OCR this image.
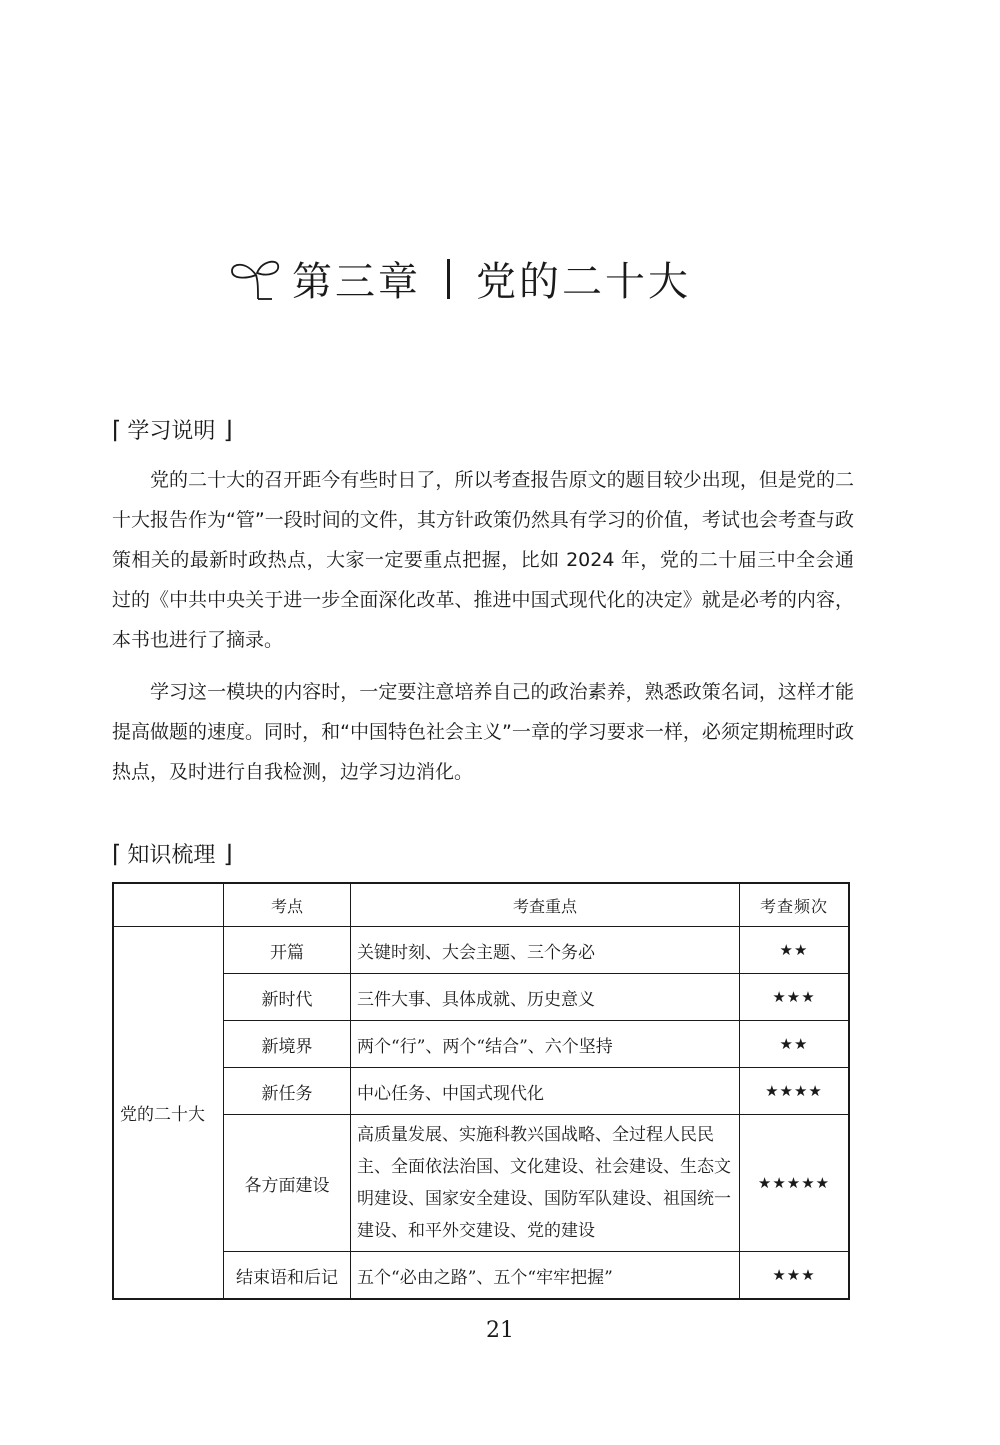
第三章 党的二十大
⌈ 学习说明 ⌋

党的二十大的召开距今有些时日了，所以考查报告原文的题目较少出现，但是党的二十大报告作为“管”一段时间的文件，其方针政策仍然具有学习的价值，考试也会考查与政策相关的最新时政热点，大家一定要重点把握，比如 2024 年，党的二十届三中全会通过的《中共中央关于进一步全面深化改革、推进中国式现代化的决定》就是必考的内容，本书也进行了摘录。

学习这一模块的内容时，一定要注意培养自己的政治素养，熟悉政策名词，这样才能提高做题的速度。同时，和“中国特色社会主义”一章的学习要求一样，必须定期梳理时政热点，及时进行自我检测，边学习边消化。

⌈ 知识梳理 ⌋
	考点	考查重点	考查频次
党的二十大	开篇	关键时刻、大会主题、三个务必	★★
	新时代	三件大事、具体成就、历史意义	★★★
	新境界	两个“行”、两个“结合”、六个坚持	★★
	新任务	中心任务、中国式现代化	★★★★
	各方面建设	高质量发展、实施科教兴国战略、全过程人民民主、全面依法治国、文化建设、社会建设、生态文明建设、国家安全建设、国防军队建设、祖国统一建设、和平外交建设、党的建设	★★★★★
	结束语和后记	五个“必由之路”、五个“牢牢把握”	★★★
21
